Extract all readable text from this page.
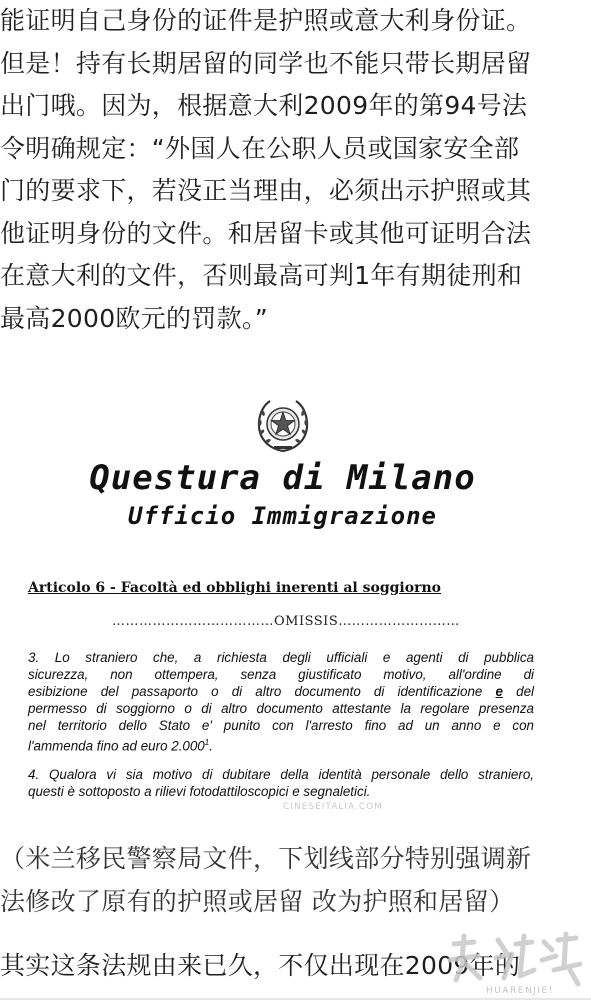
能证明自己身份的证件是护照或意大利身份证。
但是！持有长期居留的同学也不能只带长期居留
出门哦。因为，根据意大利2009年的第94号法
令明确规定：“外国人在公职人员或国家安全部
门的要求下，若没正当理由，必须出示护照或其
他证明身份的文件。和居留卡或其他可证明合法
在意大利的文件，否则最高可判1年有期徒刑和
最高2000欧元的罚款。”
Questura di Milano
Ufficio Immigrazione
Articolo 6 - Facoltà ed obblighi inerenti al soggiorno
………………………………OMISSIS………………………
3. Lo straniero che, a richiesta degli ufficiali e agenti di pubblica
sicurezza, non ottempera, senza giustificato motivo, all'ordine di
esibizione del passaporto o di altro documento di identificazione e del
permesso di soggiorno o di altro documento attestante la regolare presenza
nel territorio dello Stato e' punito con l'arresto fino ad un anno e con
l'ammenda fino ad euro 2.000$^1$.
4. Qualora vi sia motivo di dubitare della identità personale dello straniero,
questi è sottoposto a rilievi fotodattiloscopici e segnaletici.
CINESEITALIA.COM
（米兰移民警察局文件，下划线部分特别强调新
法修改了原有的护照或居留 改为护照和居留）
其实这条法规由来已久，不仅出现在2009年的
HUARENJIE!
